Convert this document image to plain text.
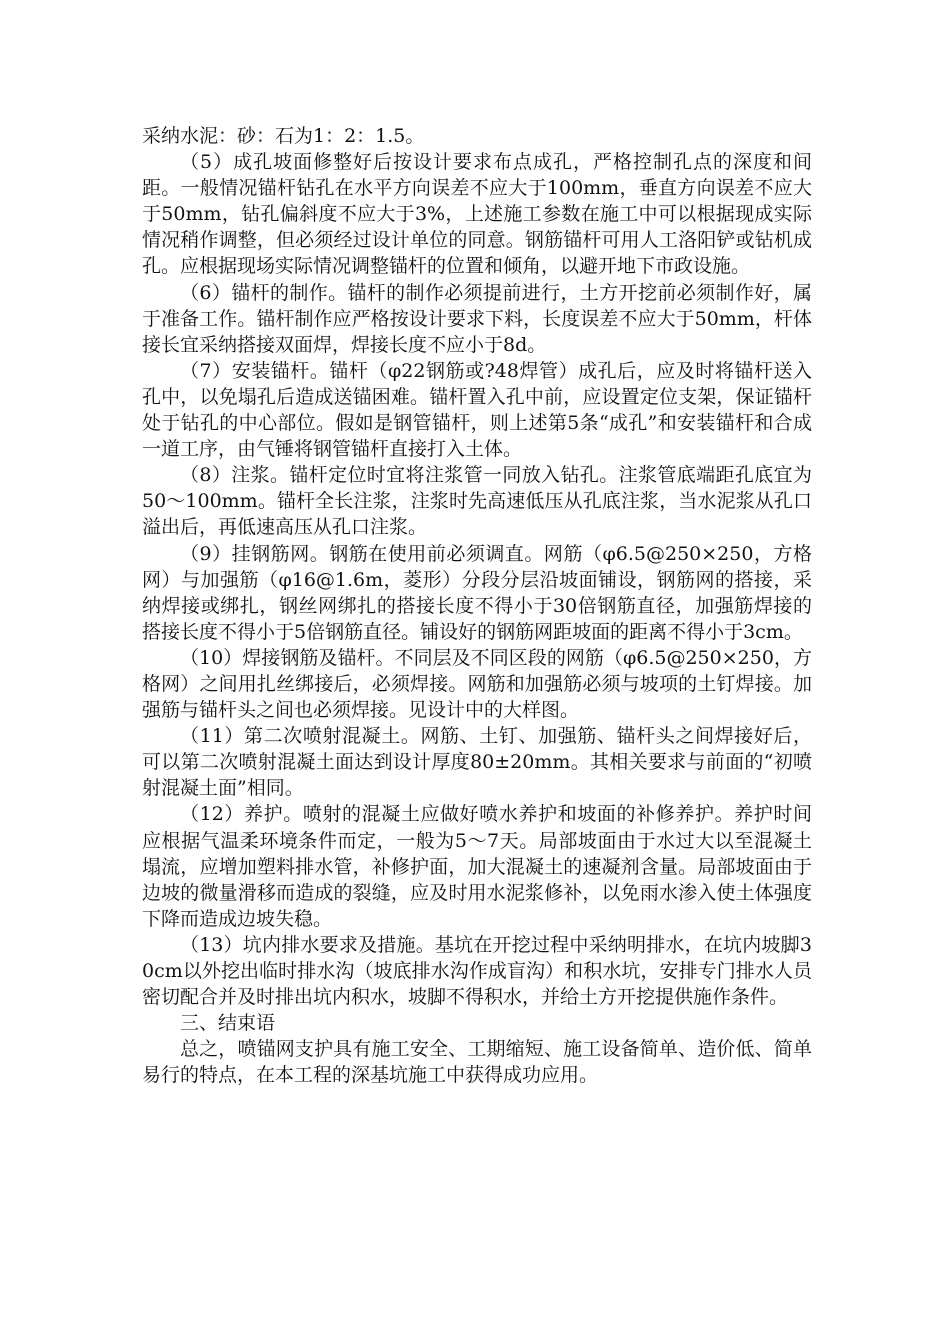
采纳水泥：砂：石为1：2：1.5。

（5）成孔坡面修整好后按设计要求布点成孔，严格控制孔点的深度和间距。一般情况锚杆钻孔在水平方向误差不应大于100mm，垂直方向误差不应大于50mm，钻孔偏斜度不应大于3%，上述施工参数在施工中可以根据现成实际情况稍作调整，但必须经过设计单位的同意。钢筋锚杆可用人工洛阳铲或钻机成孔。应根据现场实际情况调整锚杆的位置和倾角，以避开地下市政设施。

（6）锚杆的制作。锚杆的制作必须提前进行，土方开挖前必须制作好，属于准备工作。锚杆制作应严格按设计要求下料，长度误差不应大于50mm，杆体接长宜采纳搭接双面焊，焊接长度不应小于8d。

（7）安装锚杆。锚杆（φ22钢筋或?48焊管）成孔后，应及时将锚杆送入孔中，以免塌孔后造成送锚困难。锚杆置入孔中前，应设置定位支架，保证锚杆处于钻孔的中心部位。假如是钢管锚杆，则上述第5条“成孔”和安装锚杆和合成一道工序，由气锤将钢管锚杆直接打入土体。

（8）注浆。锚杆定位时宜将注浆管一同放入钻孔。注浆管底端距孔底宜为50～100mm。锚杆全长注浆，注浆时先高速低压从孔底注浆，当水泥浆从孔口溢出后，再低速高压从孔口注浆。

（9）挂钢筋网。钢筋在使用前必须调直。网筋（φ6.5@250×250，方格网）与加强筋（φ16@1.6m，菱形）分段分层沿坡面铺设，钢筋网的搭接，采纳焊接或绑扎，钢丝网绑扎的搭接长度不得小于30倍钢筋直径，加强筋焊接的搭接长度不得小于5倍钢筋直径。铺设好的钢筋网距坡面的距离不得小于3cm。

（10）焊接钢筋及锚杆。不同层及不同区段的网筋（φ6.5@250×250，方格网）之间用扎丝绑接后，必须焊接。网筋和加强筋必须与坡项的土钉焊接。加强筋与锚杆头之间也必须焊接。见设计中的大样图。

（11）第二次喷射混凝土。网筋、土钉、加强筋、锚杆头之间焊接好后，可以第二次喷射混凝土面达到设计厚度80±20mm。其相关要求与前面的“初喷射混凝土面”相同。

（12）养护。喷射的混凝土应做好喷水养护和坡面的补修养护。养护时间应根据气温柔环境条件而定，一般为5～7天。局部坡面由于水过大以至混凝土塌流，应增加塑料排水管，补修护面，加大混凝土的速凝剂含量。局部坡面由于边坡的微量滑移而造成的裂缝，应及时用水泥浆修补，以免雨水渗入使土体强度下降而造成边坡失稳。

（13）坑内排水要求及措施。基坑在开挖过程中采纳明排水，在坑内坡脚30cm以外挖出临时排水沟（坡底排水沟作成盲沟）和积水坑，安排专门排水人员密切配合并及时排出坑内积水，坡脚不得积水，并给土方开挖提供施作条件。

三、结束语

总之，喷锚网支护具有施工安全、工期缩短、施工设备简单、造价低、简单易行的特点，在本工程的深基坑施工中获得成功应用。
